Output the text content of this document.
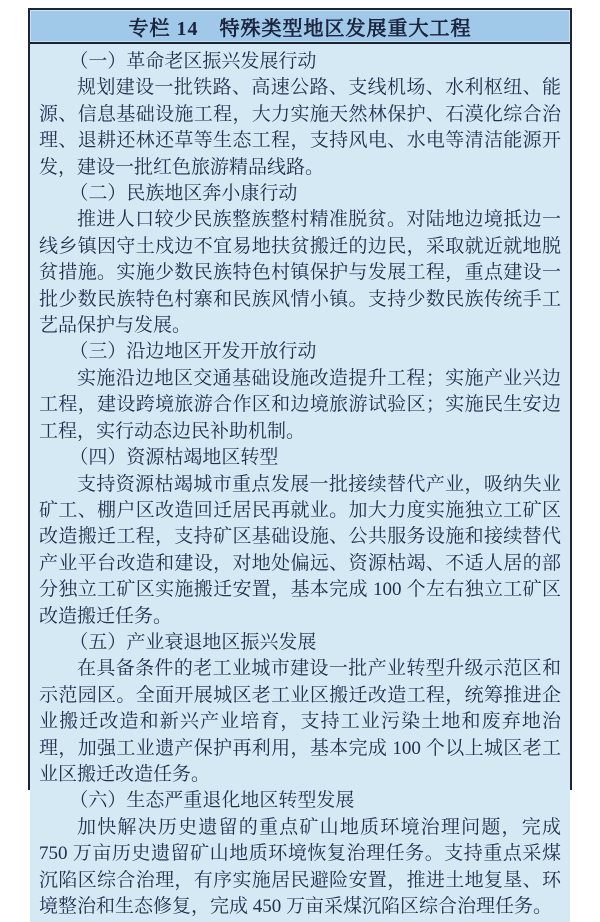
专栏 14　特殊类型地区发展重大工程

（一）革命老区振兴发展行动

规划建设一批铁路、高速公路、支线机场、水利枢纽、能源、信息基础设施工程，大力实施天然林保护、石漠化综合治理、退耕还林还草等生态工程，支持风电、水电等清洁能源开发，建设一批红色旅游精品线路。

（二）民族地区奔小康行动

推进人口较少民族整族整村精准脱贫。对陆地边境抵边一线乡镇因守土戍边不宜易地扶贫搬迁的边民，采取就近就地脱贫措施。实施少数民族特色村镇保护与发展工程，重点建设一批少数民族特色村寨和民族风情小镇。支持少数民族传统手工艺品保护与发展。

（三）沿边地区开发开放行动

实施沿边地区交通基础设施改造提升工程；实施产业兴边工程，建设跨境旅游合作区和边境旅游试验区；实施民生安边工程，实行动态边民补助机制。

（四）资源枯竭地区转型

支持资源枯竭城市重点发展一批接续替代产业，吸纳失业矿工、棚户区改造回迁居民再就业。加大力度实施独立工矿区改造搬迁工程，支持矿区基础设施、公共服务设施和接续替代产业平台改造和建设，对地处偏远、资源枯竭、不适人居的部分独立工矿区实施搬迁安置，基本完成 100 个左右独立工矿区改造搬迁任务。

（五）产业衰退地区振兴发展

在具备条件的老工业城市建设一批产业转型升级示范区和示范园区。全面开展城区老工业区搬迁改造工程，统筹推进企业搬迁改造和新兴产业培育，支持工业污染土地和废弃地治理，加强工业遗产保护再利用，基本完成 100 个以上城区老工业区搬迁改造任务。

（六）生态严重退化地区转型发展

加快解决历史遗留的重点矿山地质环境治理问题，完成 750 万亩历史遗留矿山地质环境恢复治理任务。支持重点采煤沉陷区综合治理，有序实施居民避险安置，推进土地复垦、环境整治和生态修复，完成 450 万亩采煤沉陷区综合治理任务。
